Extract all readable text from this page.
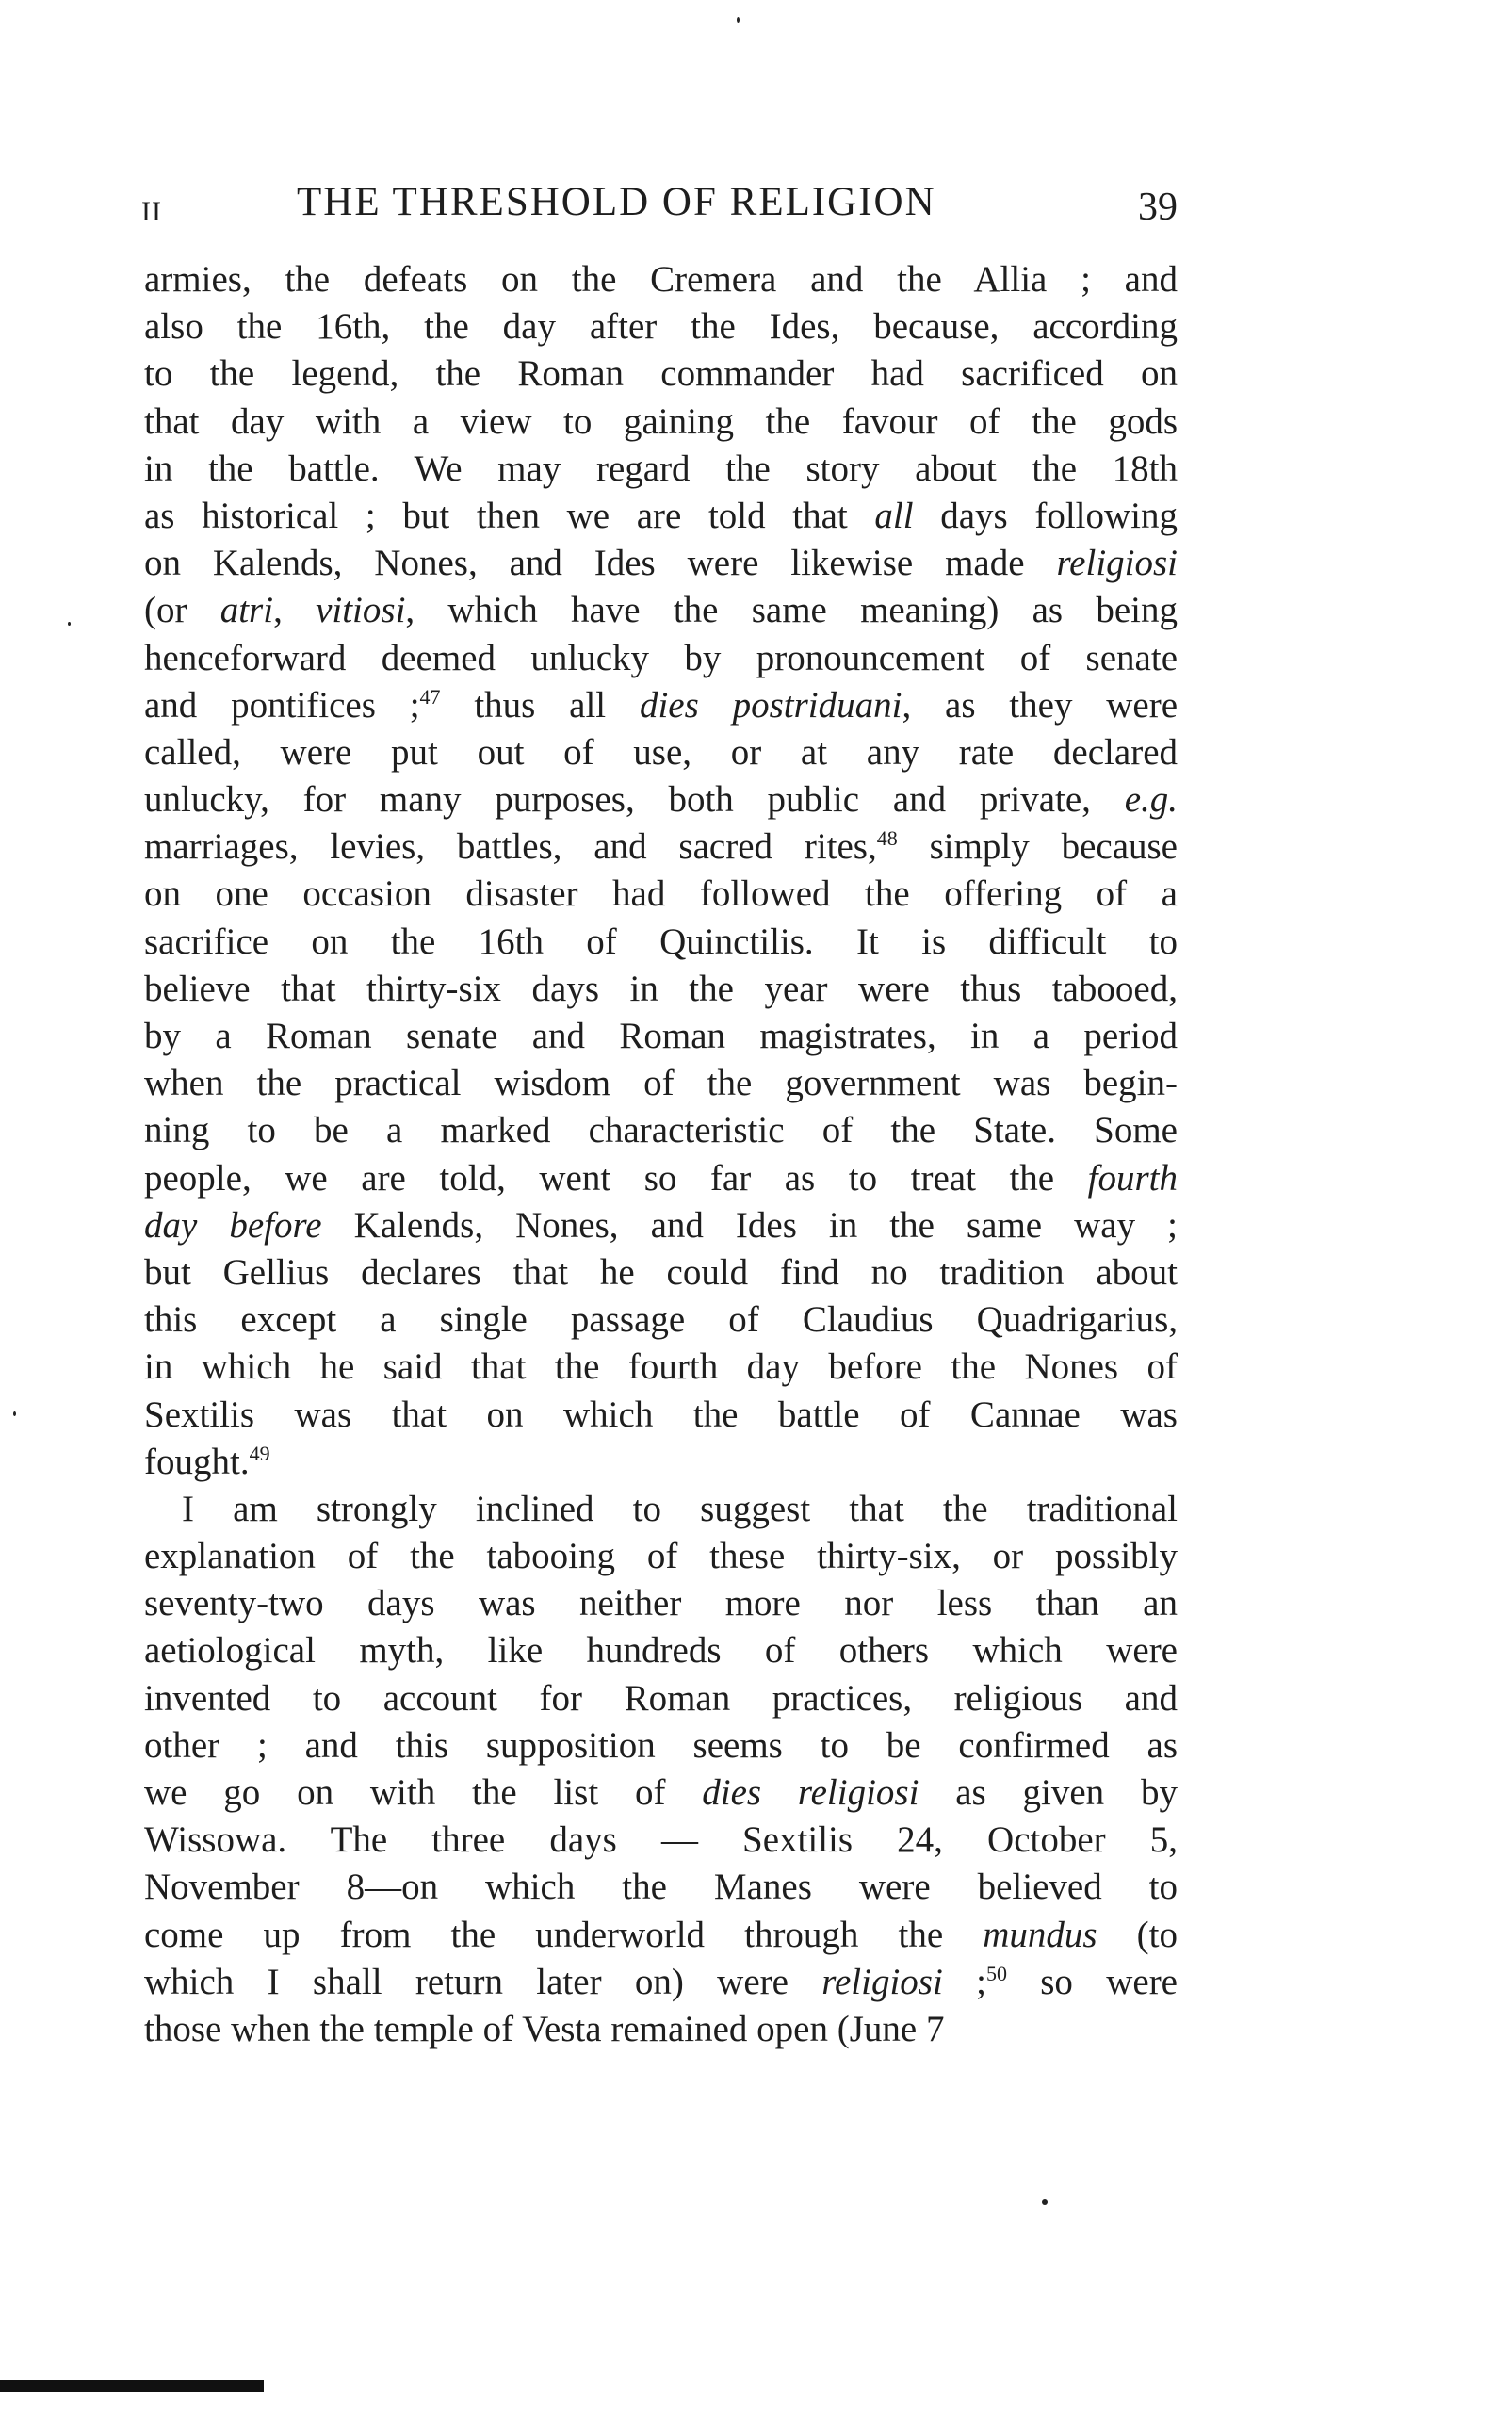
II	THE THRESHOLD OF RELIGION	39
armies, the defeats on the Cremera and the Allia ; and
also the 16th, the day after the Ides, because, according
to the legend, the Roman commander had sacrificed on
that day with a view to gaining the favour of the gods
in the battle. We may regard the story about the 18th
as historical ; but then we are told that all days following
on Kalends, Nones, and Ides were likewise made religiosi
(or atri, vitiosi, which have the same meaning) as being
henceforward deemed unlucky by pronouncement of senate
and pontifices ;$^{47}$ thus all dies postriduani, as they were
called, were put out of use, or at any rate declared
unlucky, for many purposes, both public and private, e.g.
marriages, levies, battles, and sacred rites,$^{48}$ simply because
on one occasion disaster had followed the offering of a
sacrifice on the 16th of Quinctilis. It is difficult to
believe that thirty-six days in the year were thus tabooed,
by a Roman senate and Roman magistrates, in a period
when the practical wisdom of the government was begin-
ning to be a marked characteristic of the State. Some
people, we are told, went so far as to treat the fourth
day before Kalends, Nones, and Ides in the same way ;
but Gellius declares that he could find no tradition about
this except a single passage of Claudius Quadrigarius,
in which he said that the fourth day before the Nones of
Sextilis was that on which the battle of Cannae was
fought.$^{49}$
I am strongly inclined to suggest that the traditional
explanation of the tabooing of these thirty-six, or possibly
seventy-two days was neither more nor less than an
aetiological myth, like hundreds of others which were
invented to account for Roman practices, religious and
other ; and this supposition seems to be confirmed as
we go on with the list of dies religiosi as given by
Wissowa. The three days — Sextilis 24, October 5,
November 8—on which the Manes were believed to
come up from the underworld through the mundus (to
which I shall return later on) were religiosi ;$^{50}$ so were
those when the temple of Vesta remained open (June 7
